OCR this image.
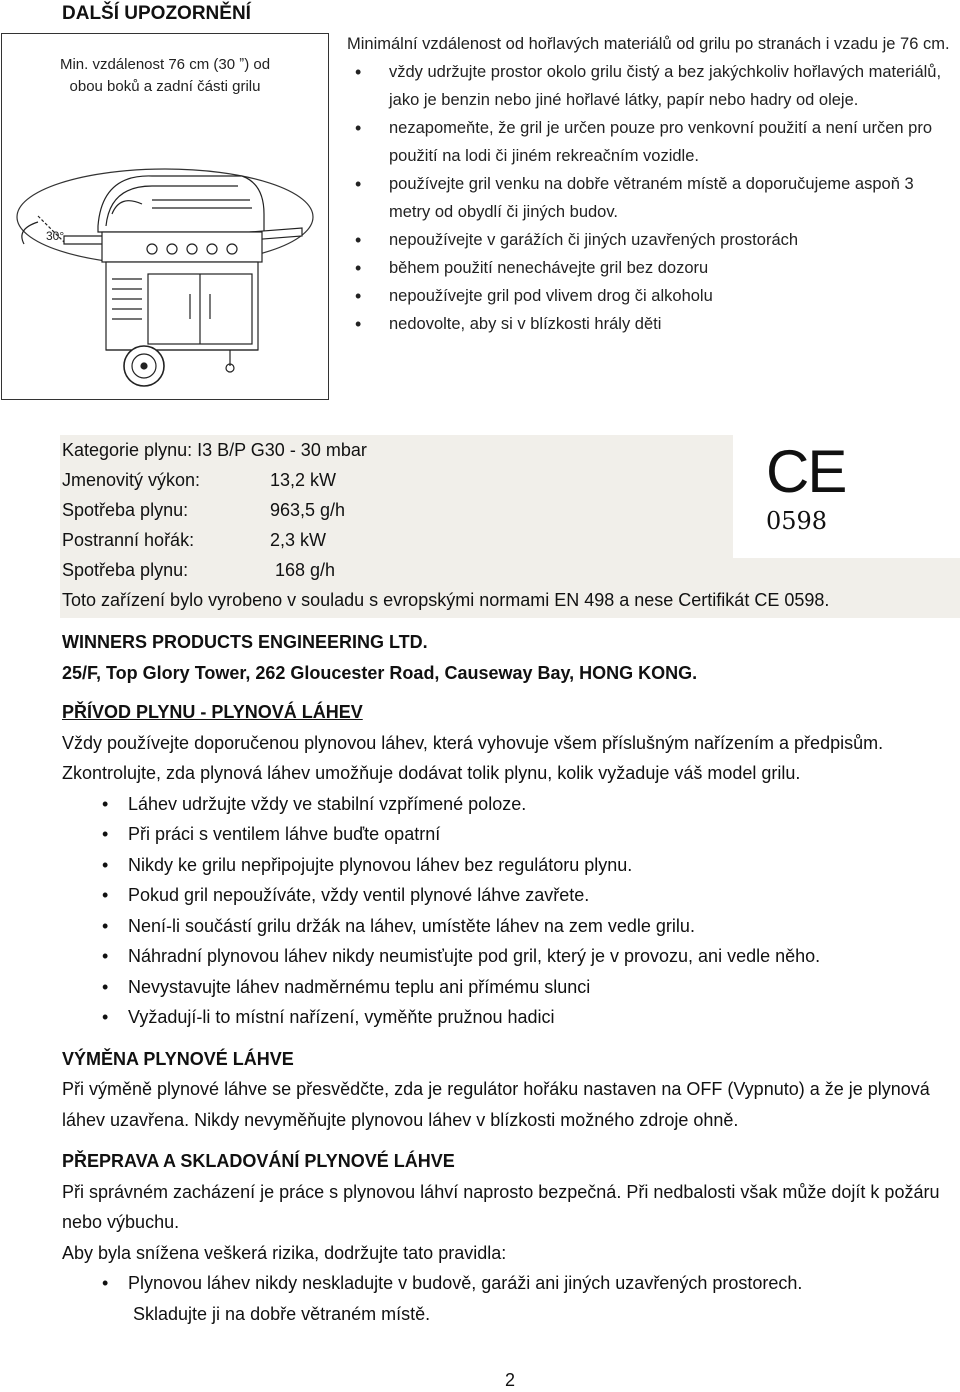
DALŠÍ UPOZORNĚNÍ
Min. vzdálenost 76 cm (30 ˮ) od
obou boků a zadní části grilu
30°

Minimální vzdálenost od hořlavých materiálů od grilu po stranách i vzadu je 76 cm.

• vždy udržujte prostor okolo grilu čistý a bez jakýchkoliv hořlavých materiálů, jako je benzin nebo jiné hořlavé látky, papír nebo hadry od oleje.
• nezapomeňte, že gril je určen pouze pro venkovní použití a není určen pro použití na lodi či jiném rekreačním vozidle.
• používejte gril venku na dobře větraném místě a doporučujeme aspoň 3 metry od obydlí či jiných budov.
• nepoužívejte v garážích či jiných uzavřených prostorách
• během použití nenechávejte gril bez dozoru
• nepoužívejte gril pod vlivem drog či alkoholu
• nedovolte, aby si v blízkosti hrály děti
Kategorie plynu: I3 B/P G30 - 30 mbar
Jmenovitý výkon:	13,2 kW
Spotřeba plynu:	963,5 g/h
Postranní hořák:	2,3 kW
Spotřeba plynu:	168 g/h
Toto zařízení bylo vyrobeno v souladu s evropskými normami EN 498 a nese Certifikát CE 0598.
CE
0598

WINNERS PRODUCTS ENGINEERING LTD.

25/F, Top Glory Tower, 262 Gloucester Road, Causeway Bay, HONG KONG.

PŘÍVOD PLYNU - PLYNOVÁ LÁHEV

Vždy používejte doporučenou plynovou láhev, která vyhovuje všem příslušným nařízením a předpisům. Zkontrolujte, zda plynová láhev umožňuje dodávat tolik plynu, kolik vyžaduje váš model grilu.

• Láhev udržujte vždy ve stabilní vzpřímené poloze.
• Při práci s ventilem láhve buďte opatrní
• Nikdy ke grilu nepřipojujte plynovou láhev bez regulátoru plynu.
• Pokud gril nepoužíváte, vždy ventil plynové láhve zavřete.
• Není-li součástí grilu držák na láhev, umístěte láhev na zem vedle grilu.
• Náhradní plynovou láhev nikdy neumisťujte pod gril, který je v provozu, ani vedle něho.
• Nevystavujte láhev nadměrnému teplu ani přímému slunci
• Vyžadují-li to místní nařízení, vyměňte pružnou hadici

VÝMĚNA PLYNOVÉ LÁHVE

Při výměně plynové láhve se přesvědčte, zda je regulátor hořáku nastaven na OFF (Vypnuto) a že je plynová láhev uzavřena. Nikdy nevyměňujte plynovou láhev v blízkosti možného zdroje ohně.

PŘEPRAVA A SKLADOVÁNÍ PLYNOVÉ LÁHVE

Při správném zacházení je práce s plynovou láhví naprosto bezpečná. Při nedbalosti však může dojít k požáru nebo výbuchu.

Aby byla snížena veškerá rizika, dodržujte tato pravidla:

• Plynovou láhev nikdy neskladujte v budově, garáži ani jiných uzavřených prostorech.
Skladujte ji na dobře větraném místě.
2
